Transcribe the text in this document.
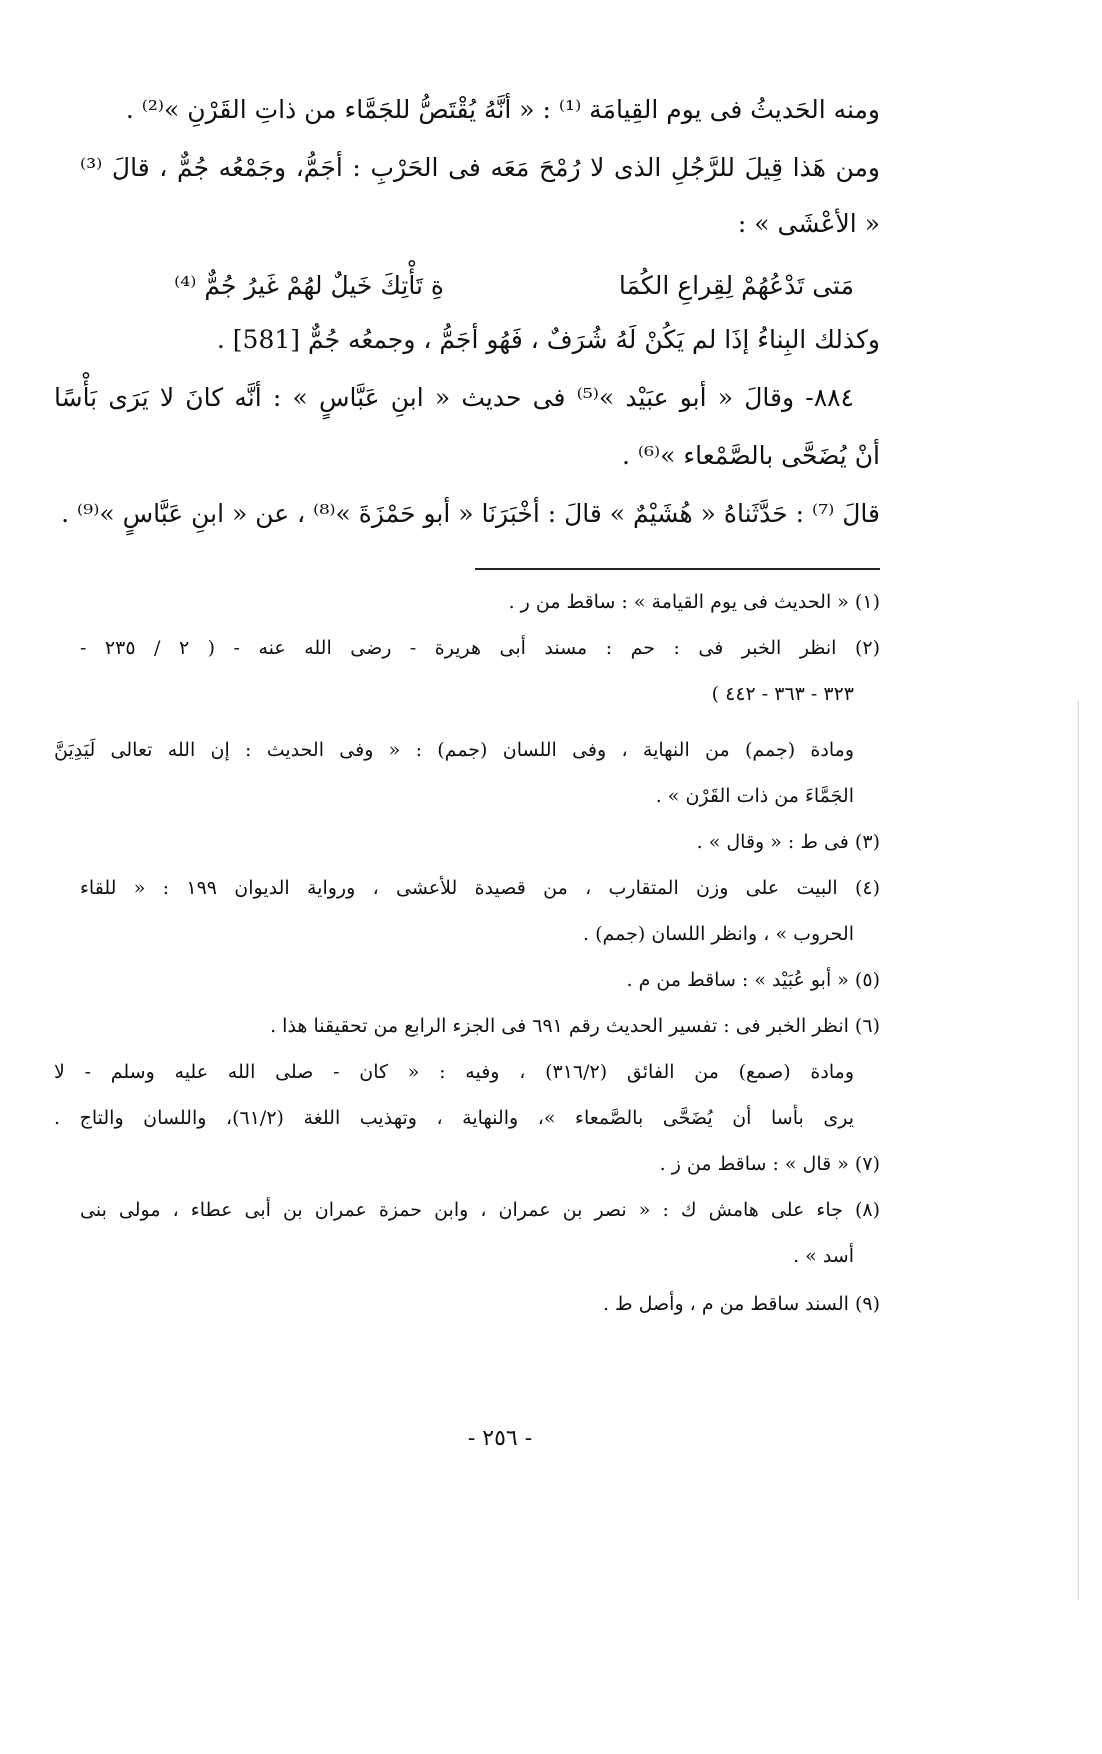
ومنه الحَديثُ فى يوم القِيامَة ⁽¹⁾ : « أنَّهُ يُقْتَصُّ للجَمَّاء من ذاتِ القَرْنِ »⁽²⁾ .
ومن هَذا قِيلَ للرَّجُلِ الذى لا رُمْحَ مَعَه فى الحَرْبِ : أجَمُّ، وجَمْعُه جُمٌّ ، قالَ ⁽³⁾
« الأعْشَى » :
مَتى تَدْعُهُمْ لِقِراعِ الكُمَا
ةِ تَأْتِكَ خَيلٌ لهُمْ غَيرُ جُمٌّ ⁽⁴⁾
وكذلك البِناءُ إذَا لم يَكُنْ لَهُ شُرَفٌ ، فَهُو أجَمُّ ، وجمعُه جُمٌّ [581] .
٨٨٤- وقالَ « أبو عبَيْد »⁽⁵⁾ فى حديث « ابنِ عَبَّاسٍ » : أنَّه كانَ لا يَرَى بَأْسًا
أنْ يُضَحَّى بالصَّمْعاء »⁽⁶⁾ .
قالَ ⁽⁷⁾ : حَدَّثَناهُ « هُشَيْمٌ » قالَ : أخْبَرَنَا « أبو حَمْزَةَ »⁽⁸⁾ ، عن « ابنِ عَبَّاسٍ »⁽⁹⁾ .
(١) « الحديث فى يوم القيامة » : ساقط من ر .
(٢) انظر الخبر فى : حم : مسند أبى هريرة - رضى الله عنه - ( ٢ / ٢٣٥ -
٣٢٣ - ٣٦٣ - ٤٤٢ )
ومادة (جمم) من النهاية ، وفى اللسان (جمم) : « وفى الحديث : إن الله تعالى لَيَدِيَنَّ
الجَمَّاءَ من ذات القَرْن » .
(٣) فى ط : « وقال » .
(٤) البيت على وزن المتقارب ، من قصيدة للأعشى ، ورواية الديوان ١٩٩ : « للقاء
الحروب » ، وانظر اللسان (جمم) .
(٥) « أبو عُبَيْد » : ساقط من م .
(٦) انظر الخبر فى : تفسير الحديث رقم ٦٩١ فى الجزء الرابع من تحقيقنا هذا .
ومادة (صمع) من الفائق (٣١٦/٢) ، وفيه : « كان - صلى الله عليه وسلم - لا
يرى بأسا أن يُضَحَّى بالصَّمعاء »، والنهاية ، وتهذيب اللغة (٦١/٢)، واللسان والتاج .
(٧) « قال » : ساقط من ز .
(٨) جاء على هامش ك : « نصر بن عمران ، وابن حمزة عمران بن أبى عطاء ، مولى بنى
أسد » .
(٩) السند ساقط من م ، وأصل ط .
- ٢٥٦ -
